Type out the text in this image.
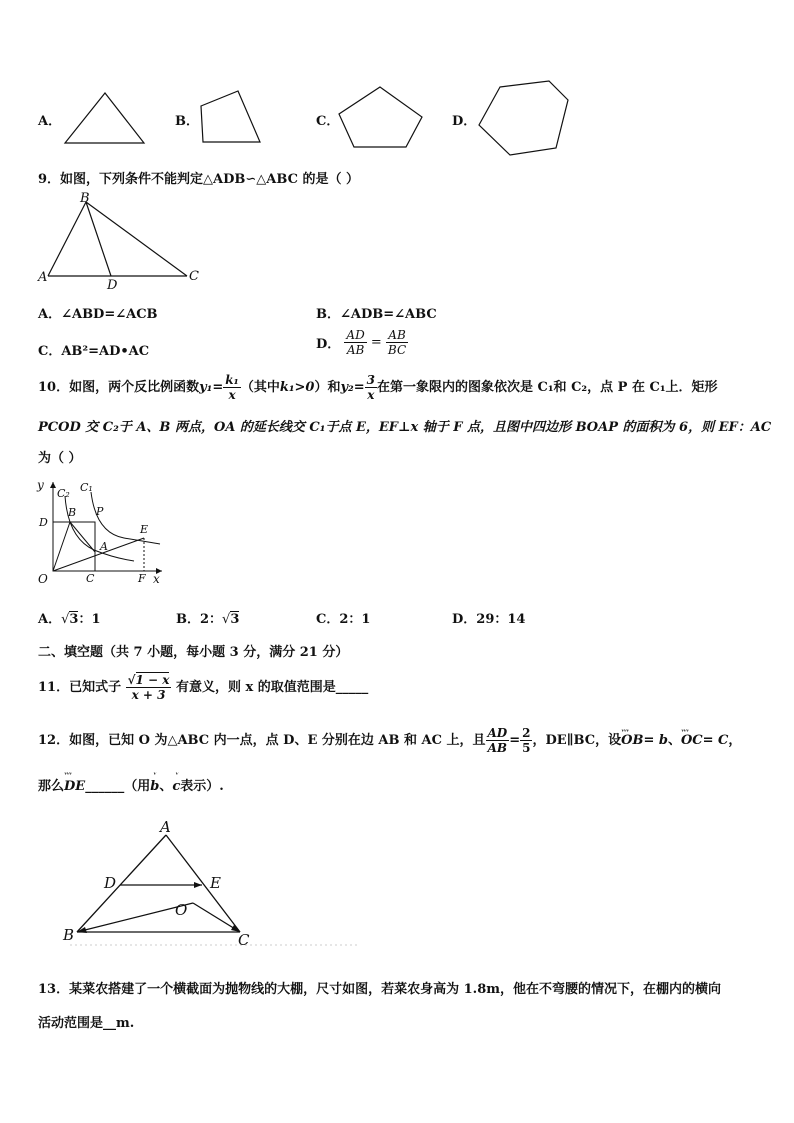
A．	B．	C．	D．
9．如图，下列条件不能判定△ADB∽△ABC 的是（ ）
B
A
D
C
A．∠ABD=∠ACB	B．∠ADB=∠ABC
C．AB²=AD•AC	D． $\frac{AD}{AB} = \frac{AB}{BC}$
10．如图，两个反比例函数$y_1= \frac{\text{k₁}}{x}$ （其中k₁>0）和$y_2= \frac{3}{x}$ 在第一象限内的图象依次是 C₁和 C₂，点 P 在 C₁上．矩形
PCOD 交 C₂于 A、B 两点，OA 的延长线交 C₁于点 E，EF⊥x 轴于 F 点，且图中四边形 BOAP 的面积为 6，则 EF：AC
为（ ）
y
C₂ C₁
B P
D
E
A
O	C	F x
A．√3：1	B．2：√3	C．2：1	D．29：14
二、填空题（共 7 小题，每小题 3 分，满分 21 分）
11．已知式子 $\frac{√1 - x}{x + 3}$ 有意义，则 x 的取值范围是_____
12．如图，已知 O 为△ABC 内一点，点 D、E 分别在边 AB 和 AC 上，且 $\frac{AD}{AB} = \frac{2}{5}$ ，DE∥BC，设ᵛᵛᵛ OB= b、ᵛᵛᵛ OC= C，
那么ᵛᵛᵛ DE______（用ᵛ b、ᵛ c表示）.
A
D	E
O
B	C
13．某菜农搭建了一个横截面为抛物线的大棚，尺寸如图，若菜农身高为 1.8m，他在不弯腰的情况下，在棚内的横向
活动范围是__m.
